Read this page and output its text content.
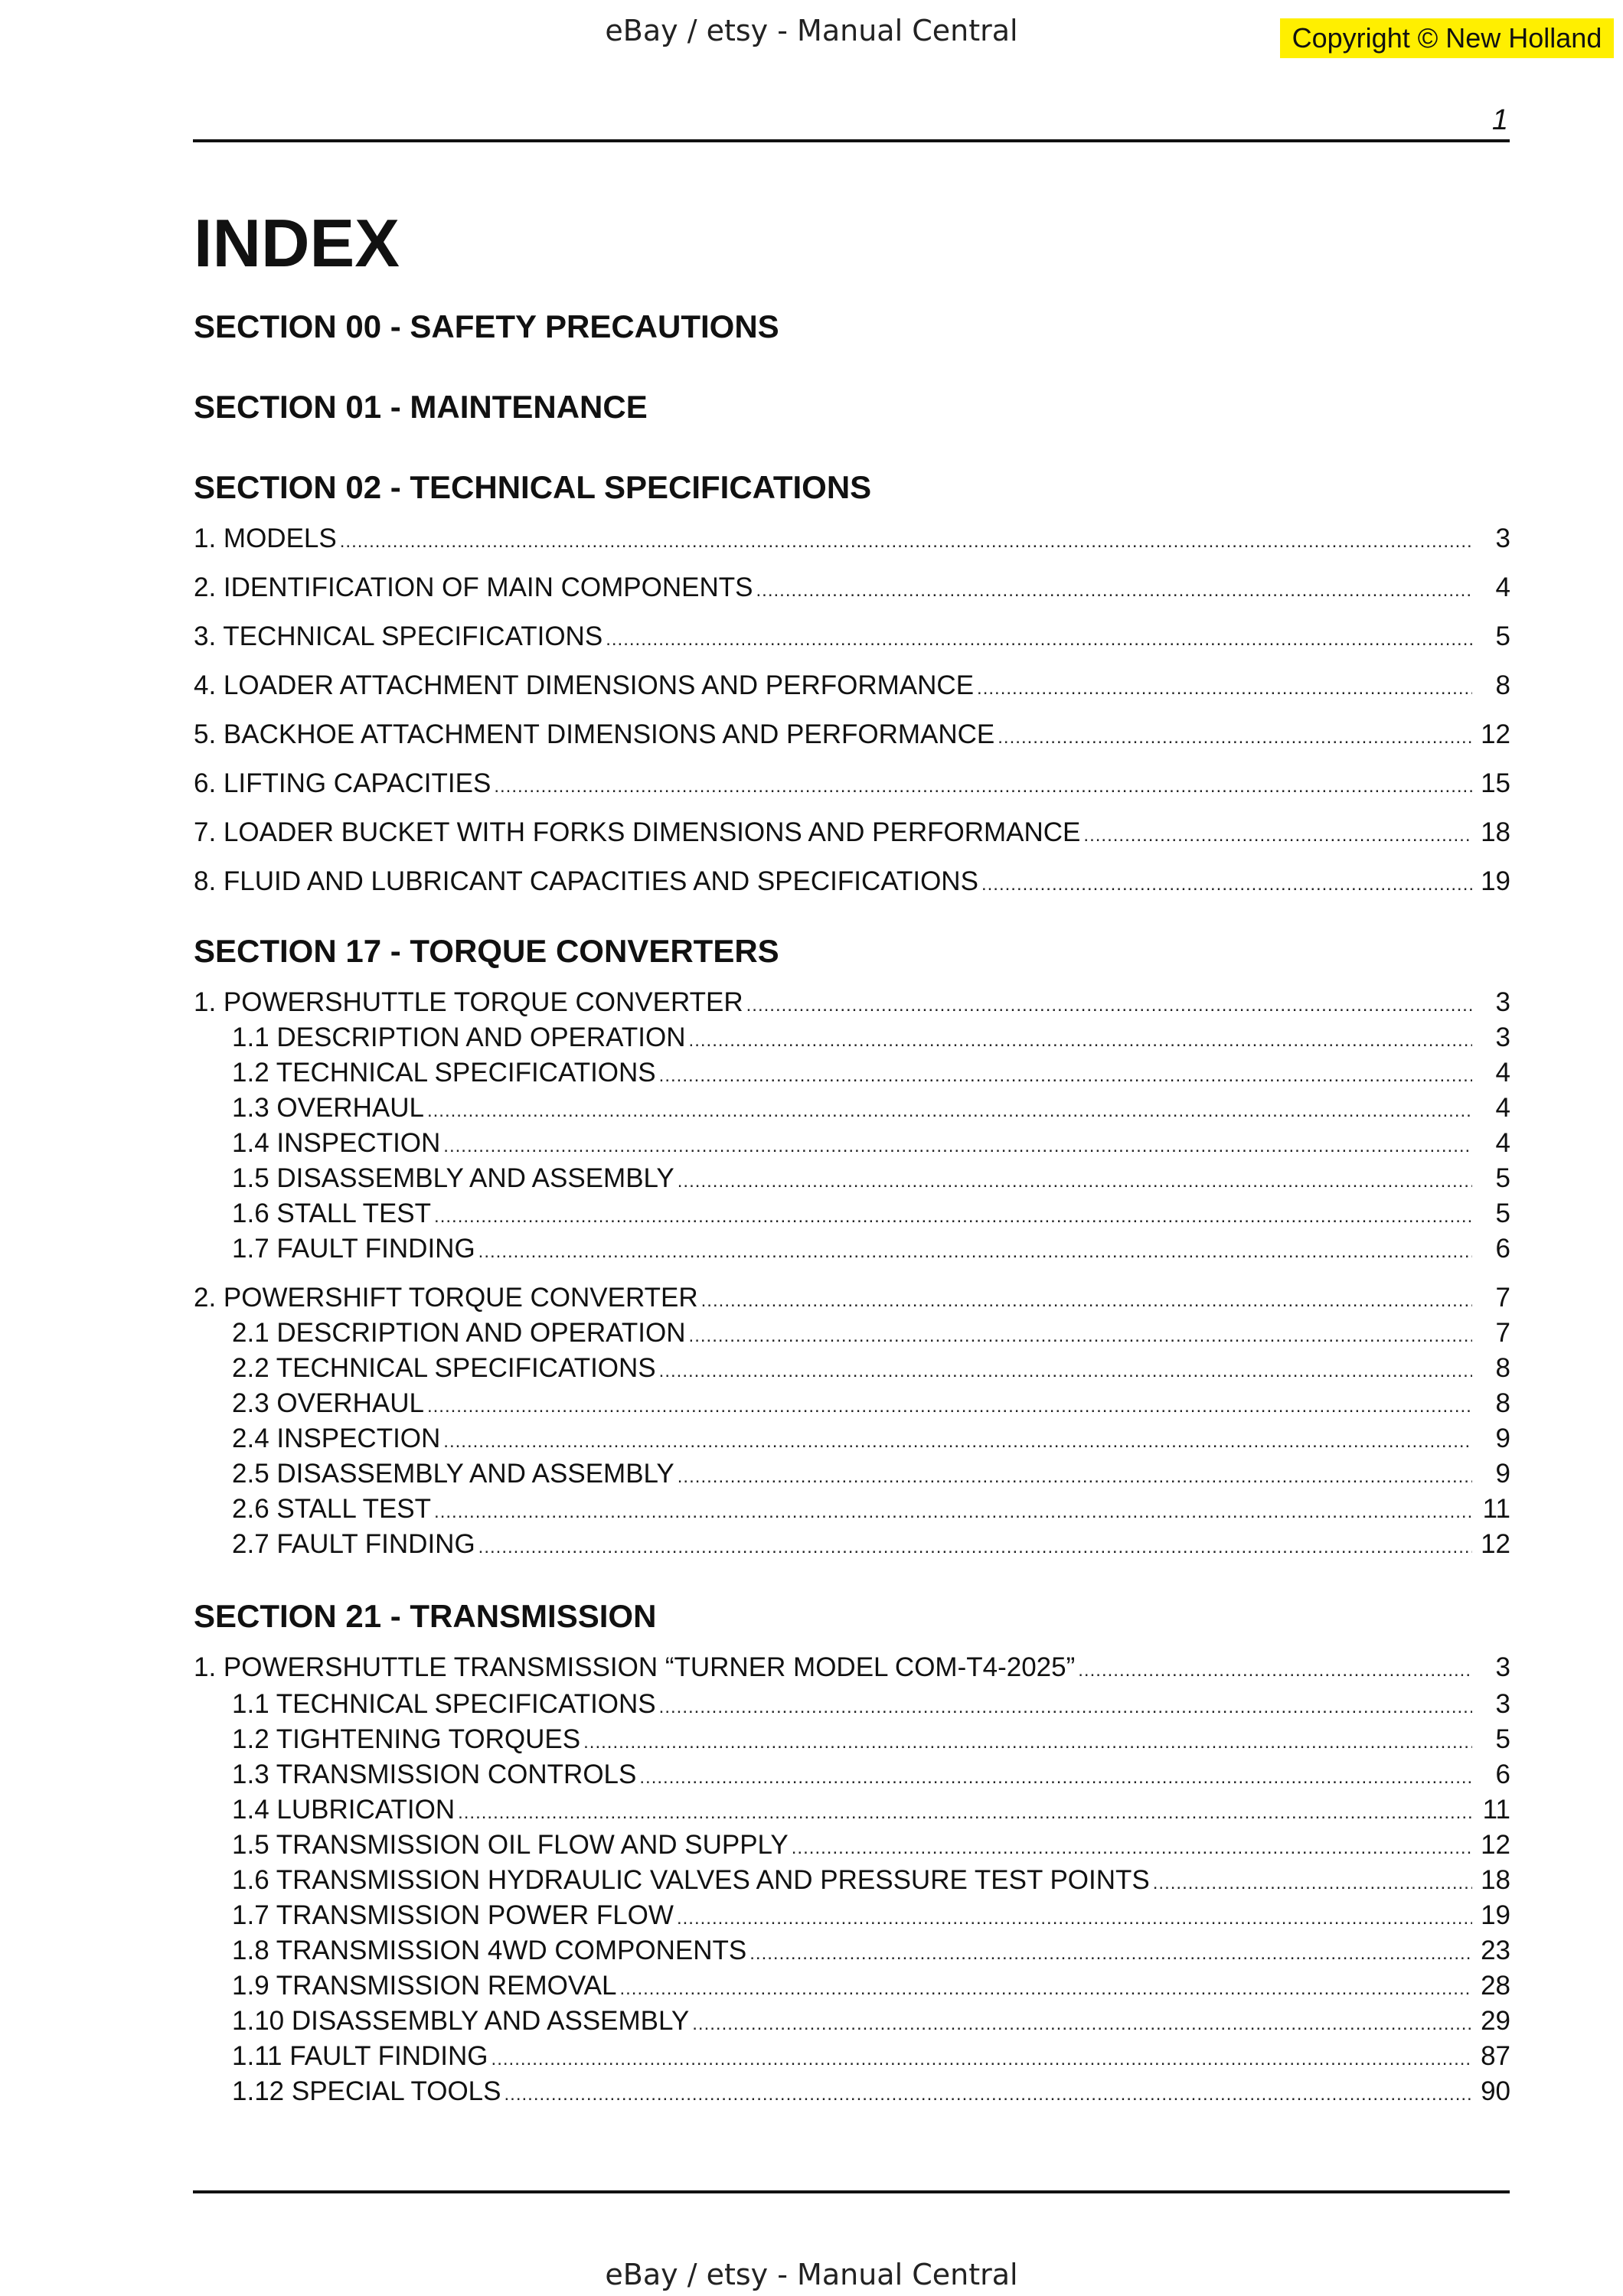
eBay / etsy - Manual Central	Copyright © New Holland
1
INDEX
SECTION 00 - SAFETY PRECAUTIONS
SECTION 01 - MAINTENANCE
SECTION 02 - TECHNICAL SPECIFICATIONS
1. MODELS .....	3
2. IDENTIFICATION OF MAIN COMPONENTS .....	4
3. TECHNICAL SPECIFICATIONS .....	5
4. LOADER ATTACHMENT DIMENSIONS AND PERFORMANCE .....	8
5. BACKHOE ATTACHMENT DIMENSIONS AND PERFORMANCE .....	12
6. LIFTING CAPACITIES .....	15
7. LOADER BUCKET WITH FORKS DIMENSIONS AND PERFORMANCE .....	18
8. FLUID AND LUBRICANT CAPACITIES AND SPECIFICATIONS .....	19
SECTION 17 - TORQUE CONVERTERS
1. POWERSHUTTLE TORQUE CONVERTER .....	3
1.1 DESCRIPTION AND OPERATION .....	3
1.2 TECHNICAL SPECIFICATIONS .....	4
1.3 OVERHAUL .....	4
1.4 INSPECTION .....	4
1.5 DISASSEMBLY AND ASSEMBLY .....	5
1.6 STALL TEST .....	5
1.7 FAULT FINDING .....	6
2. POWERSHIFT TORQUE CONVERTER .....	7
2.1 DESCRIPTION AND OPERATION .....	7
2.2 TECHNICAL SPECIFICATIONS .....	8
2.3 OVERHAUL .....	8
2.4 INSPECTION .....	9
2.5 DISASSEMBLY AND ASSEMBLY .....	9
2.6 STALL TEST .....	11
2.7 FAULT FINDING .....	12
SECTION 21 - TRANSMISSION
1. POWERSHUTTLE TRANSMISSION “TURNER MODEL COM-T4-2025” .....	3
1.1 TECHNICAL SPECIFICATIONS .....	3
1.2 TIGHTENING TORQUES .....	5
1.3 TRANSMISSION CONTROLS .....	6
1.4 LUBRICATION .....	11
1.5 TRANSMISSION OIL FLOW AND SUPPLY .....	12
1.6 TRANSMISSION HYDRAULIC VALVES AND PRESSURE TEST POINTS .....	18
1.7 TRANSMISSION POWER FLOW .....	19
1.8 TRANSMISSION 4WD COMPONENTS .....	23
1.9 TRANSMISSION REMOVAL .....	28
1.10 DISASSEMBLY AND ASSEMBLY .....	29
1.11 FAULT FINDING .....	87
1.12 SPECIAL TOOLS .....	90
eBay / etsy - Manual Central
